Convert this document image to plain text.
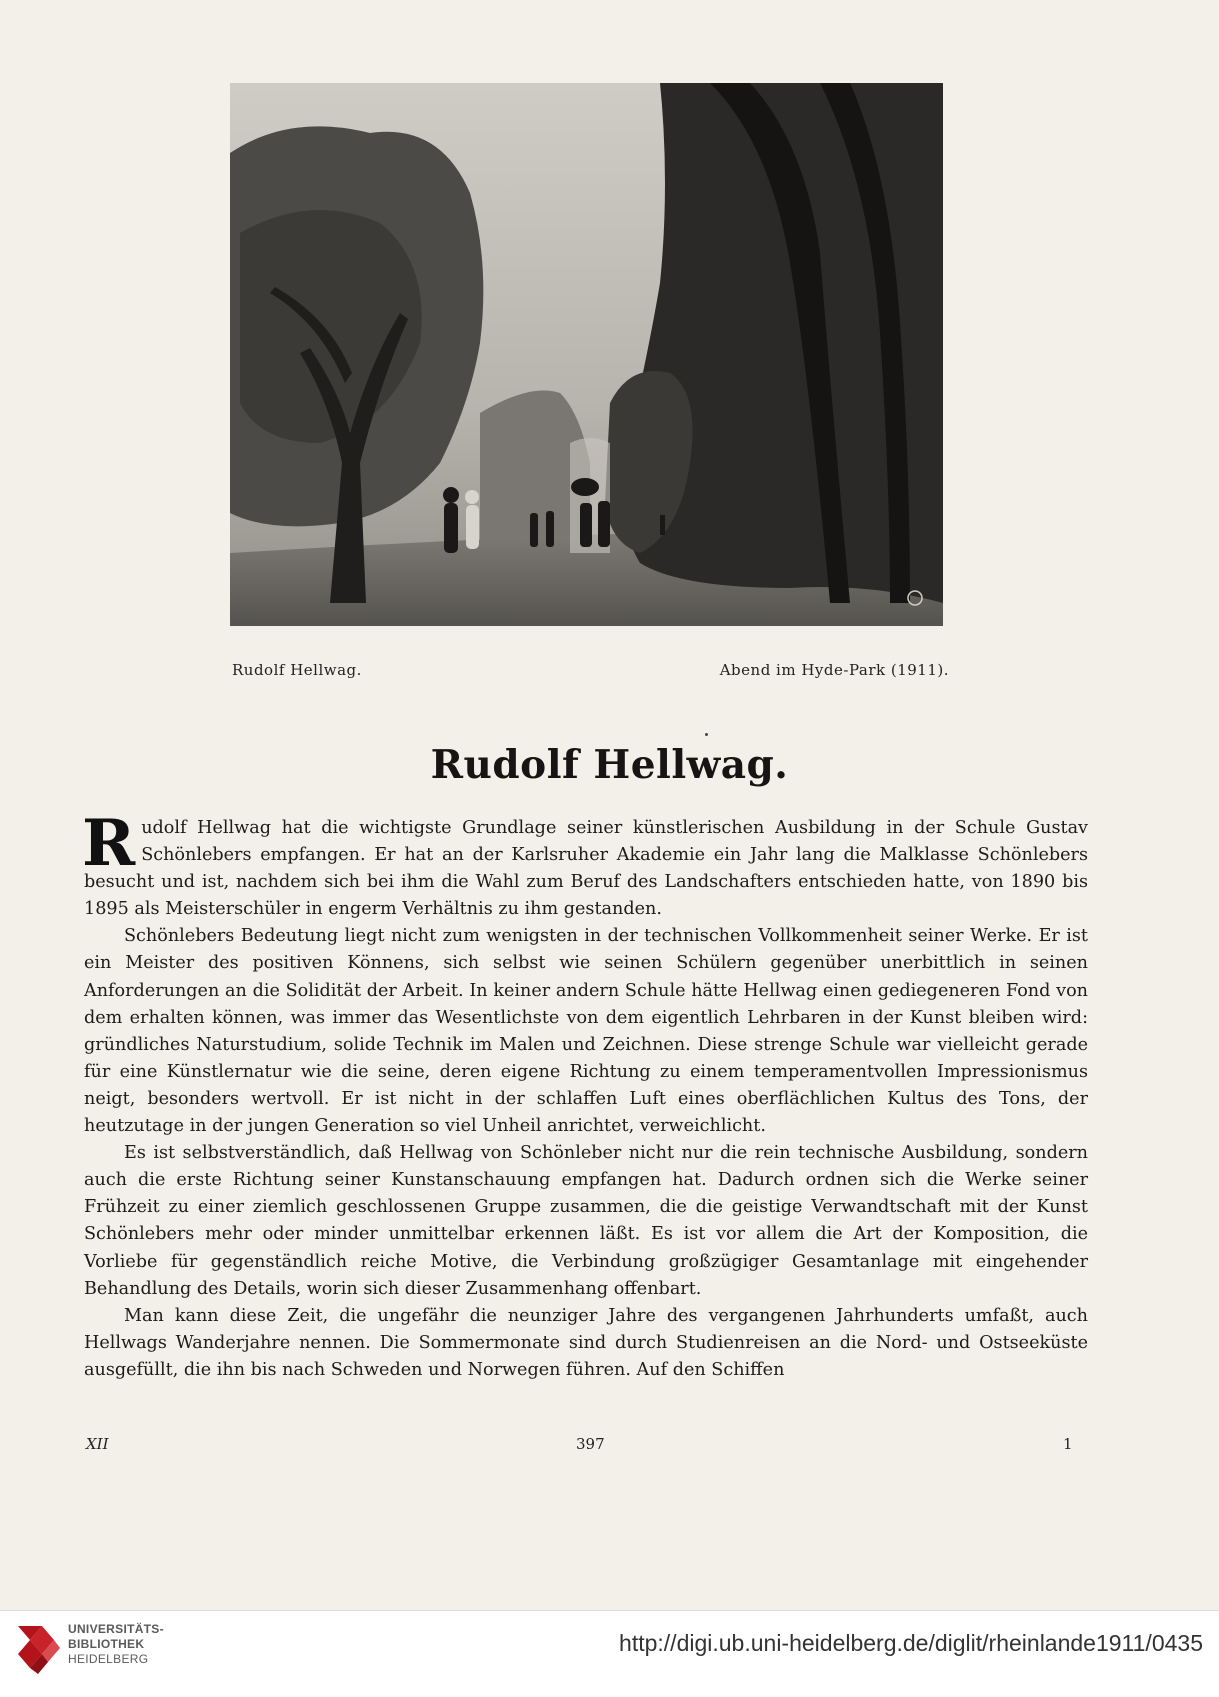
Rudolf Hellwag.	Abend im Hyde-Park (1911).
Rudolf Hellwag.

Rudolf Hellwag hat die wichtigste Grundlage seiner künstlerischen Ausbildung in der Schule Gustav Schönlebers empfangen. Er hat an der Karlsruher Akademie ein Jahr lang die Malklasse Schönlebers besucht und ist, nachdem sich bei ihm die Wahl zum Beruf des Landschafters entschieden hatte, von 1890 bis 1895 als Meisterschüler in engerm Verhältnis zu ihm gestanden.

Schönlebers Bedeutung liegt nicht zum wenigsten in der technischen Vollkommenheit seiner Werke. Er ist ein Meister des positiven Könnens, sich selbst wie seinen Schülern gegenüber unerbittlich in seinen Anforderungen an die Solidität der Arbeit. In keiner andern Schule hätte Hellwag einen gediegeneren Fond von dem erhalten können, was immer das Wesentlichste von dem eigentlich Lehrbaren in der Kunst bleiben wird: gründliches Naturstudium, solide Technik im Malen und Zeichnen. Diese strenge Schule war vielleicht gerade für eine Künstlernatur wie die seine, deren eigene Richtung zu einem temperamentvollen Impressionismus neigt, besonders wertvoll. Er ist nicht in der schlaffen Luft eines oberflächlichen Kultus des Tons, der heutzutage in der jungen Generation so viel Unheil anrichtet, verweichlicht.

Es ist selbstverständlich, daß Hellwag von Schönleber nicht nur die rein technische Ausbildung, sondern auch die erste Richtung seiner Kunstanschauung empfangen hat. Dadurch ordnen sich die Werke seiner Frühzeit zu einer ziemlich geschlossenen Gruppe zusammen, die die geistige Verwandtschaft mit der Kunst Schönlebers mehr oder minder unmittelbar erkennen läßt. Es ist vor allem die Art der Komposition, die Vorliebe für gegenständlich reiche Motive, die Verbindung großzügiger Gesamtanlage mit eingehender Behandlung des Details, worin sich dieser Zusammenhang offenbart.

Man kann diese Zeit, die ungefähr die neunziger Jahre des vergangenen Jahrhunderts umfaßt, auch Hellwags Wanderjahre nennen. Die Sommermonate sind durch Studienreisen an die Nord- und Ostseeküste ausgefüllt, die ihn bis nach Schweden und Norwegen führen. Auf den Schiffen

XII	397	1
UNIVERSITÄTS-
BIBLIOTHEK
HEIDELBERG
http://digi.ub.uni-heidelberg.de/diglit/rheinlande1911/0435
